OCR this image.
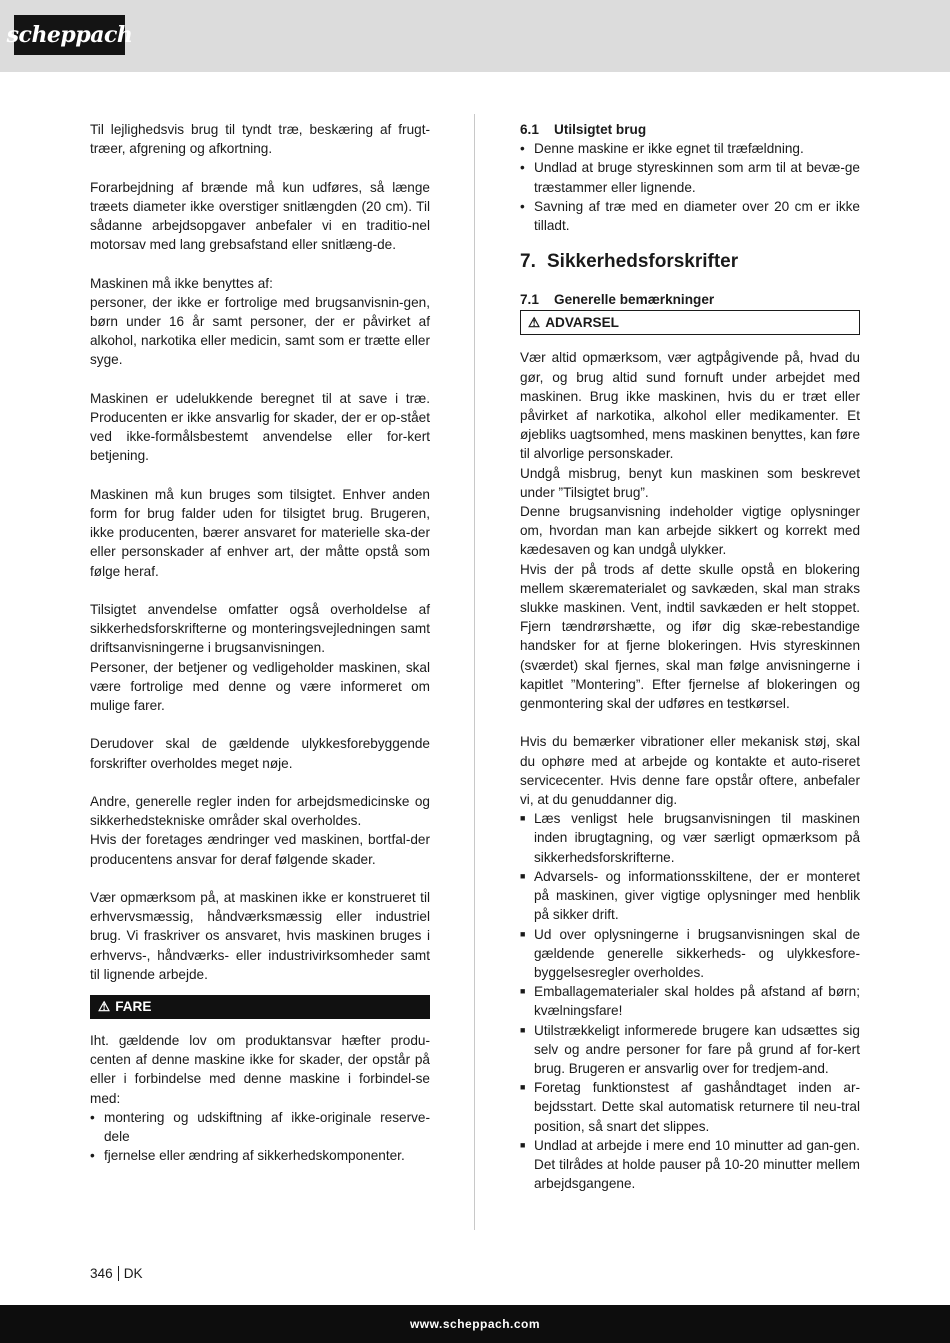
scheppach

Til lejlighedsvis brug til tyndt træ, beskæring af frugt-træer, afgrening og afkortning.

Forarbejdning af brænde må kun udføres, så længe træets diameter ikke overstiger snitlængden (20 cm). Til sådanne arbejdsopgaver anbefaler vi en traditio-nel motorsav med lang grebsafstand eller snitlæng-de.

Maskinen må ikke benyttes af:

personer, der ikke er fortrolige med brugsanvisnin-gen, børn under 16 år samt personer, der er påvirket af alkohol, narkotika eller medicin, samt som er trætte eller syge.

Maskinen er udelukkende beregnet til at save i træ. Producenten er ikke ansvarlig for skader, der er op-stået ved ikke-formålsbestemt anvendelse eller for-kert betjening.

Maskinen må kun bruges som tilsigtet. Enhver anden form for brug falder uden for tilsigtet brug. Brugeren, ikke producenten, bærer ansvaret for materielle ska-der eller personskader af enhver art, der måtte opstå som følge heraf.

Tilsigtet anvendelse omfatter også overholdelse af sikkerhedsforskrifterne og monteringsvejledningen samt driftsanvisningerne i brugsanvisningen.

Personer, der betjener og vedligeholder maskinen, skal være fortrolige med denne og være informeret om mulige farer.

Derudover skal de gældende ulykkesforebyggende forskrifter overholdes meget nøje.

Andre, generelle regler inden for arbejdsmedicinske og sikkerhedstekniske områder skal overholdes.

Hvis der foretages ændringer ved maskinen, bortfal-der producentens ansvar for deraf følgende skader.

Vær opmærksom på, at maskinen ikke er konstrueret til erhvervsmæssig, håndværksmæssig eller industriel brug. Vi fraskriver os ansvaret, hvis maskinen bruges i erhvervs-, håndværks- eller industrivirksomheder samt til lignende arbejde.

⚠ FARE

Iht. gældende lov om produktansvar hæfter produ-centen af denne maskine ikke for skader, der opstår på eller i forbindelse med denne maskine i forbindel-se med:

• montering og udskiftning af ikke-originale reserve-dele
• fjernelse eller ændring af sikkerhedskomponenter.
6.1	Utilsigtet brug
• Denne maskine er ikke egnet til træfældning.
• Undlad at bruge styreskinnen som arm til at bevæ-ge træstammer eller lignende.
• Savning af træ med en diameter over 20 cm er ikke tilladt.
7. Sikkerhedsforskrifter
7.1	Generelle bemærkninger
⚠ ADVARSEL

Vær altid opmærksom, vær agtpågivende på, hvad du gør, og brug altid sund fornuft under arbejdet med maskinen. Brug ikke maskinen, hvis du er træt eller påvirket af narkotika, alkohol eller medikamenter. Et øjebliks uagtsomhed, mens maskinen benyttes, kan føre til alvorlige personskader.

Undgå misbrug, benyt kun maskinen som beskrevet under ”Tilsigtet brug”.

Denne brugsanvisning indeholder vigtige oplysninger om, hvordan man kan arbejde sikkert og korrekt med kædesaven og kan undgå ulykker.

Hvis der på trods af dette skulle opstå en blokering mellem skærematerialet og savkæden, skal man straks slukke maskinen. Vent, indtil savkæden er helt stoppet. Fjern tændrørshætte, og ifør dig skæ-rebestandige handsker for at fjerne blokeringen. Hvis styreskinnen (sværdet) skal fjernes, skal man følge anvisningerne i kapitlet ”Montering”. Efter fjernelse af blokeringen og genmontering skal der udføres en testkørsel.

Hvis du bemærker vibrationer eller mekanisk støj, skal du ophøre med at arbejde og kontakte et auto-riseret servicecenter. Hvis denne fare opstår oftere, anbefaler vi, at du genuddanner dig.

■ Læs venligst hele brugsanvisningen til maskinen inden ibrugtagning, og vær særligt opmærksom på sikkerhedsforskrifterne.
■ Advarsels- og informationsskiltene, der er monteret på maskinen, giver vigtige oplysninger med henblik på sikker drift.
■ Ud over oplysningerne i brugsanvisningen skal de gældende generelle sikkerheds- og ulykkesfore-byggelsesregler overholdes.
■ Emballagematerialer skal holdes på afstand af børn; kvælningsfare!
■ Utilstrækkeligt informerede brugere kan udsættes sig selv og andre personer for fare på grund af for-kert brug. Brugeren er ansvarlig over for tredjem-and.
■ Foretag funktionstest af gashåndtaget inden ar-bejdsstart. Dette skal automatisk returnere til neu-tral position, så snart det slippes.
■ Undlad at arbejde i mere end 10 minutter ad gan-gen. Det tilrådes at holde pauser på 10-20 minutter mellem arbejdsgangene.
346 DK
www.scheppach.com
